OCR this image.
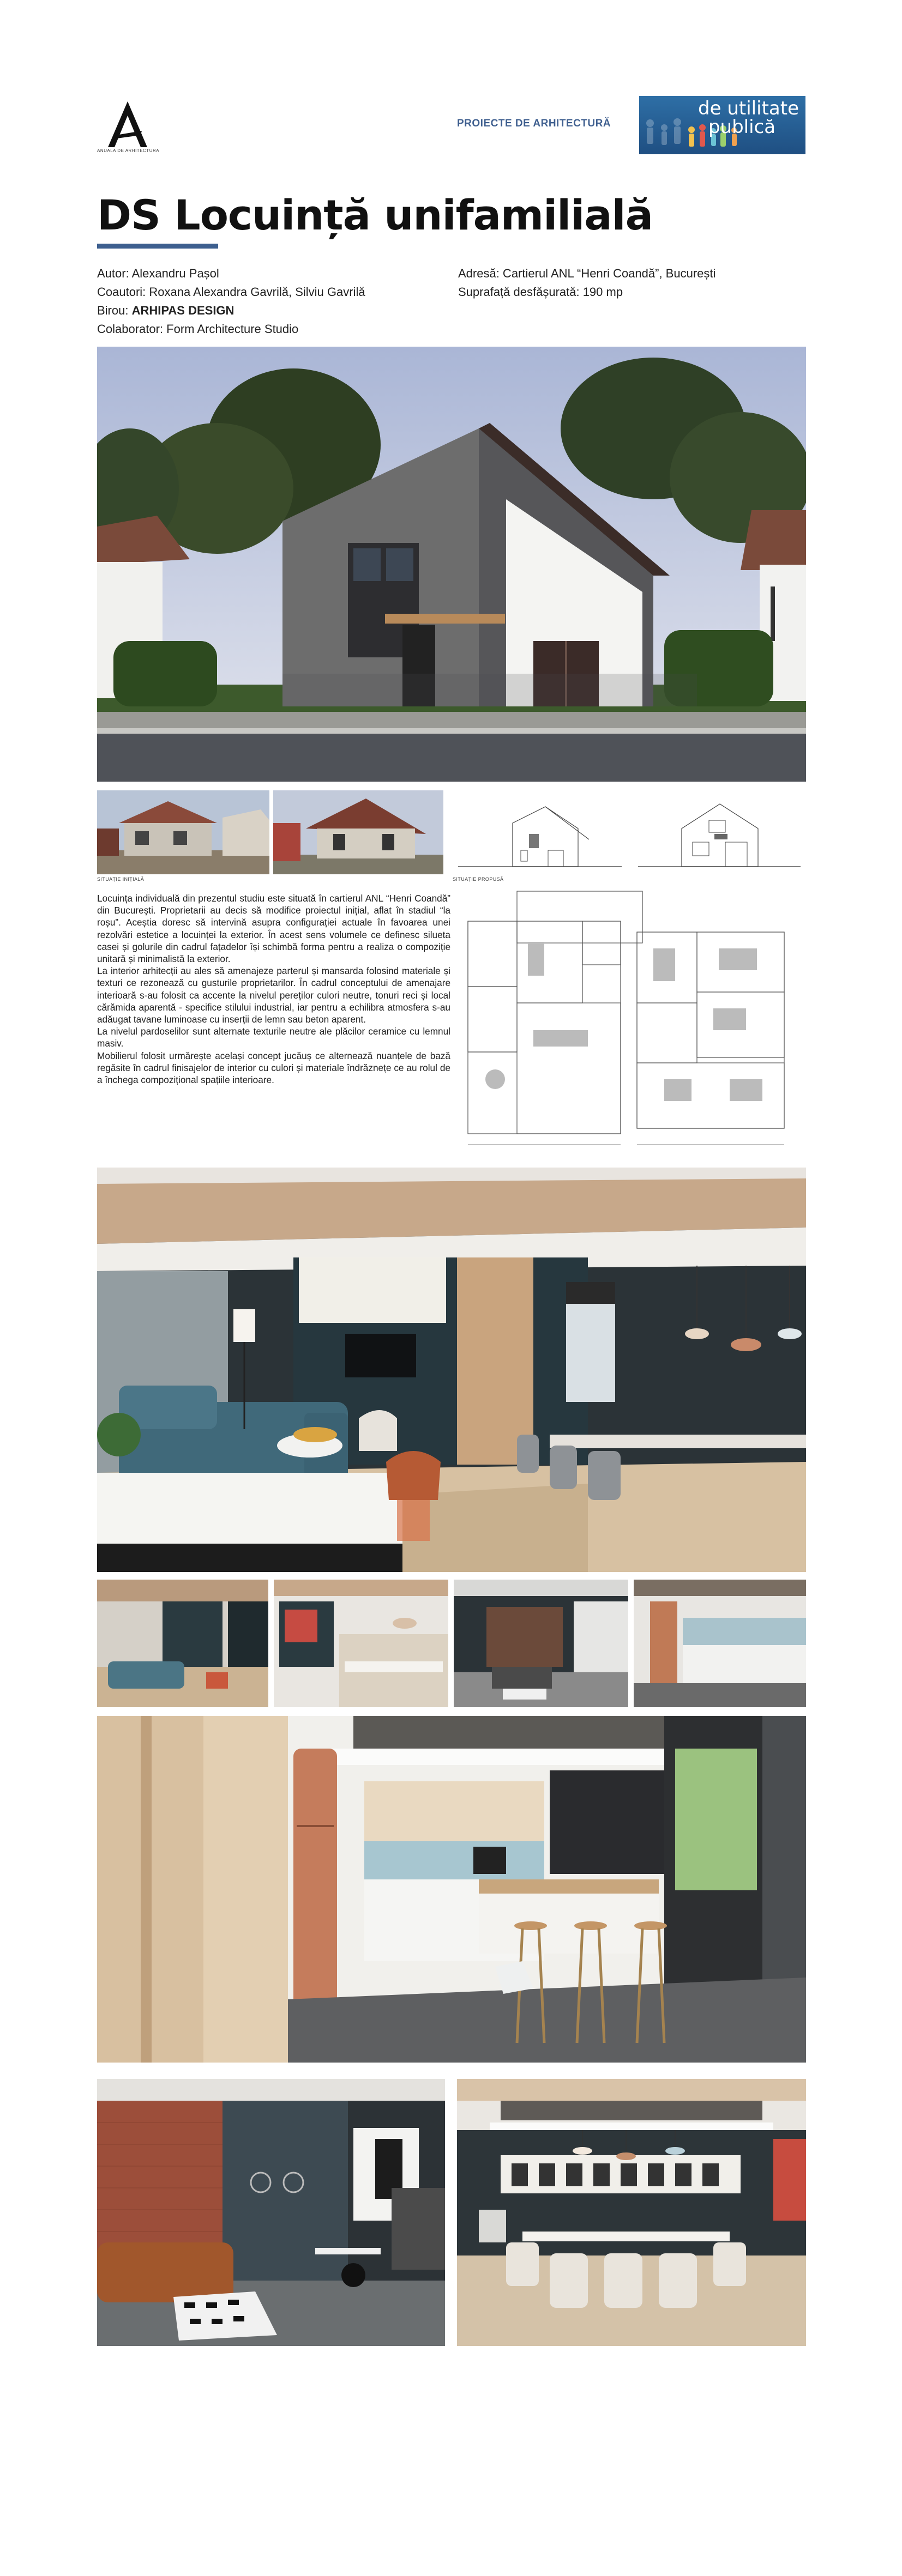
ANUALA DE ARHITECTURA
PROIECTE DE ARHITECTURĂ
de utilitate
publică
DS Locuință unifamilială
Autor: Alexandru Pașol
Coautori: Roxana Alexandra Gavrilă, Silviu Gavrilă
Birou: ARHIPAS DESIGN
Colaborator: Form Architecture Studio
Adresă: Cartierul ANL “Henri Coandă”, București
Suprafață desfășurată: 190 mp
SITUAȚIE INIȚIALĂ	SITUAȚIE PROPUSĂ

Locuința individuală din prezentul studiu este situată în cartierul ANL “Henri Coandă” din București. Proprietarii au decis să modifice proiectul inițial, aflat în stadiul “la roșu”. Aceștia doresc să intervină asupra configurației actuale în favoarea unei rezolvări estetice a locuinței la exterior. În acest sens volumele ce definesc silueta casei și golurile din cadrul fațadelor își schimbă forma pentru a realiza o compoziție unitară și minimalistă la exterior.

La interior arhitecții au ales să amenajeze parterul și mansarda folosind materiale și texturi ce rezonează cu gusturile proprietarilor. În cadrul conceptului de amenajare interioară s-au folosit ca accente la nivelul pereților culori neutre, tonuri reci și local cărămida aparentă - specifice stilului industrial, iar pentru a echilibra atmosfera s-au adăugat tavane luminoase cu inserții de lemn sau beton aparent.

La nivelul pardoselilor sunt alternate texturile neutre ale plăcilor ceramice cu lemnul masiv.

Mobilierul folosit urmărește același concept jucăuș ce alternează nuanțele de bază regăsite în cadrul finisajelor de interior cu culori și materiale îndrăznețe ce au rolul de a închega compozițional spațiile interioare.
